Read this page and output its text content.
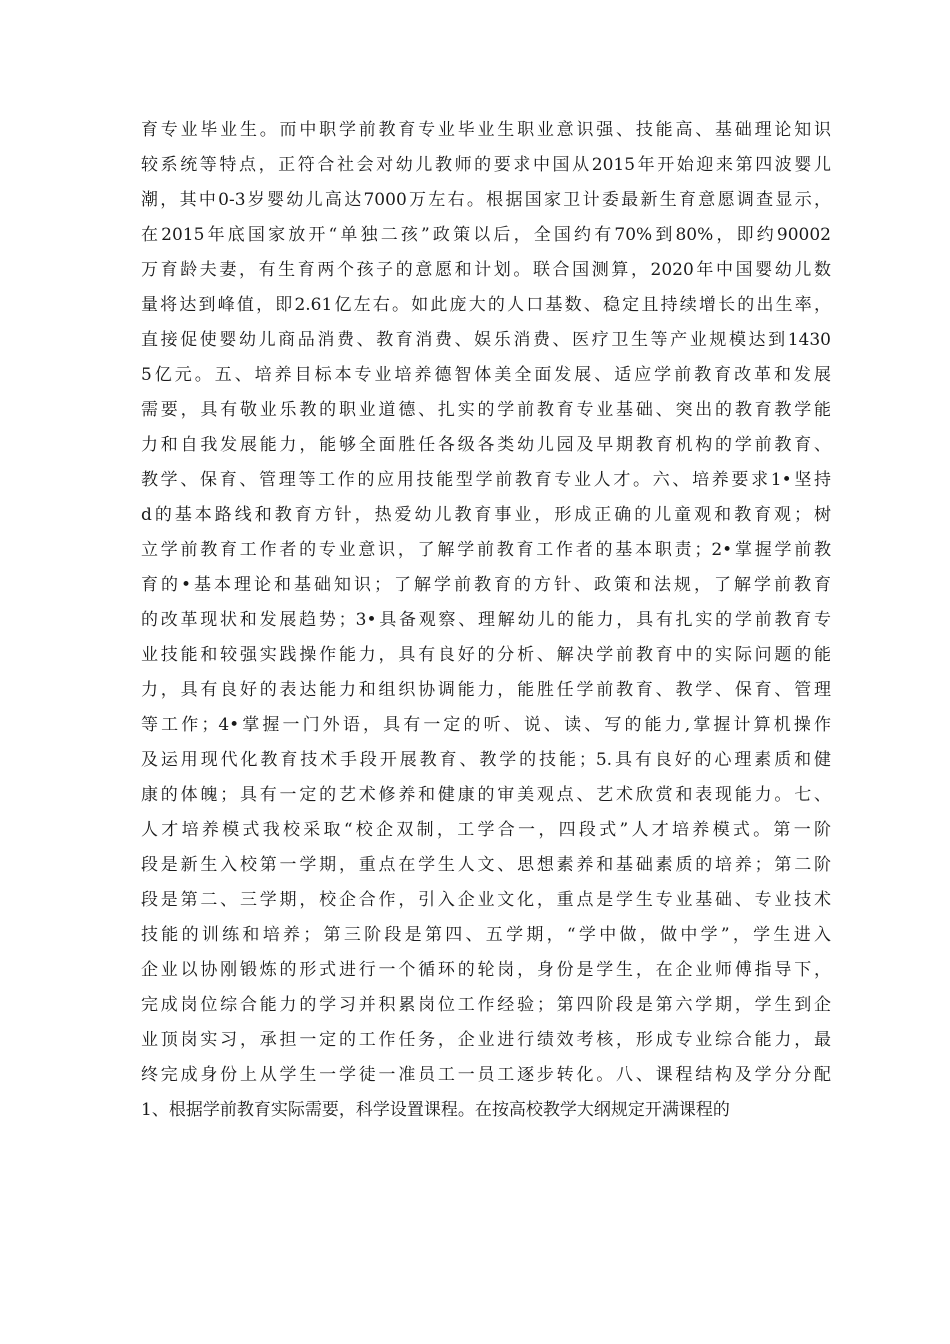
育专业毕业生。而中职学前教育专业毕业生职业意识强、技能高、基础理论知识
较系统等特点，正符合社会对幼儿教师的要求中国从2015年开始迎来第四波婴儿
潮，其中0-3岁婴幼儿高达7000万左右。根据国家卫计委最新生育意愿调查显示，
在2015年底国家放开“单独二孩”政策以后，全国约有70%到80%，即约90002
万育龄夫妻，有生育两个孩子的意愿和计划。联合国测算，2020年中国婴幼儿数
量将达到峰值，即2.61亿左右。如此庞大的人口基数、稳定且持续增长的出生率，
直接促使婴幼儿商品消费、教育消费、娱乐消费、医疗卫生等产业规模达到1430
5亿元。五、培养目标本专业培养德智体美全面发展、适应学前教育改革和发展
需要，具有敬业乐教的职业道德、扎实的学前教育专业基础、突出的教育教学能
力和自我发展能力，能够全面胜任各级各类幼儿园及早期教育机构的学前教育、
教学、保育、管理等工作的应用技能型学前教育专业人才。六、培养要求1•坚持
d的基本路线和教育方针，热爱幼儿教育事业，形成正确的儿童观和教育观；树
立学前教育工作者的专业意识，了解学前教育工作者的基本职责；2•掌握学前教
育的•基本理论和基础知识；了解学前教育的方针、政策和法规，了解学前教育
的改革现状和发展趋势；3•具备观察、理解幼儿的能力，具有扎实的学前教育专
业技能和较强实践操作能力，具有良好的分析、解决学前教育中的实际问题的能
力，具有良好的表达能力和组织协调能力，能胜任学前教育、教学、保育、管理
等工作；4•掌握一门外语，具有一定的听、说、读、写的能力,掌握计算机操作
及运用现代化教育技术手段开展教育、教学的技能；5.具有良好的心理素质和健
康的体魄；具有一定的艺术修养和健康的审美观点、艺术欣赏和表现能力。七、
人才培养模式我校采取“校企双制，工学合一，四段式”人才培养模式。第一阶
段是新生入校第一学期，重点在学生人文、思想素养和基础素质的培养；第二阶
段是第二、三学期，校企合作，引入企业文化，重点是学生专业基础、专业技术
技能的训练和培养；第三阶段是第四、五学期，“学中做，做中学”，学生进入
企业以协刚锻炼的形式进行一个循环的轮岗，身份是学生，在企业师傅指导下，
完成岗位综合能力的学习并积累岗位工作经验；第四阶段是第六学期，学生到企
业顶岗实习，承担一定的工作任务，企业进行绩效考核，形成专业综合能力，最
终完成身份上从学生一学徒一准员工一员工逐步转化。八、课程结构及学分分配
1、根据学前教育实际需要，科学设置课程。在按高校教学大纲规定开满课程的
